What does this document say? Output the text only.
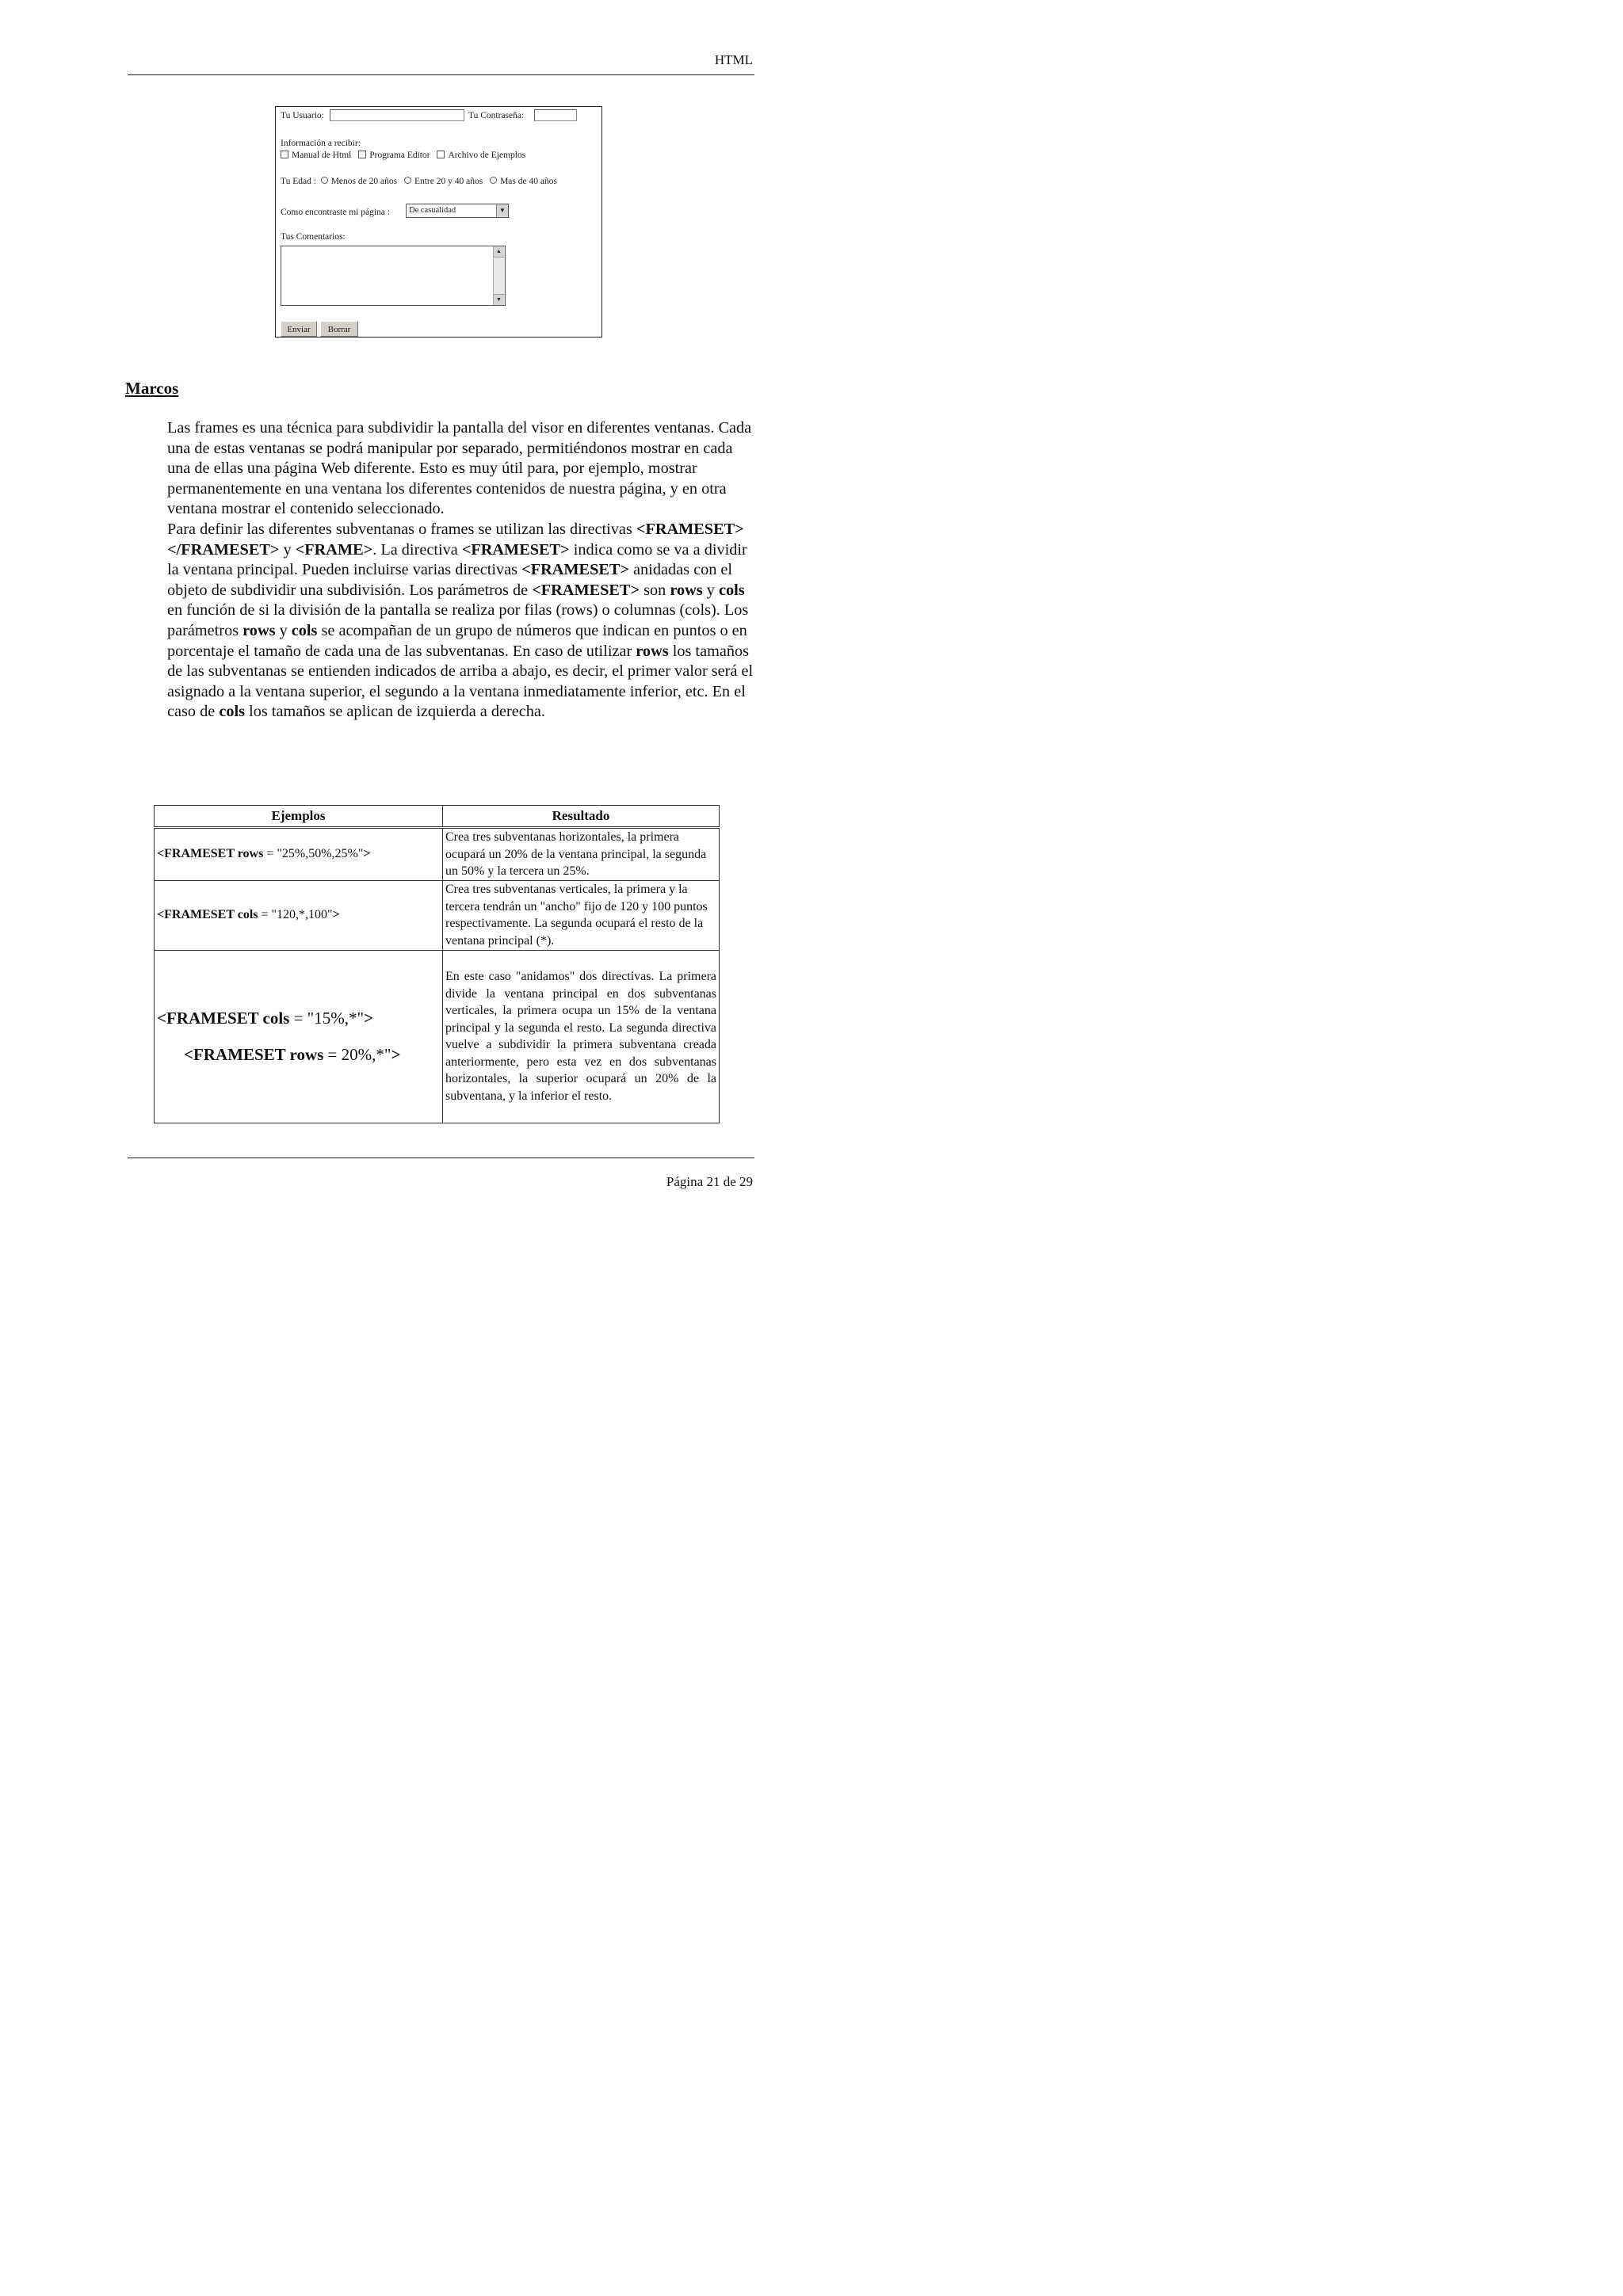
HTML
Tu Usuario:	Tu Contraseña:
Información a recibir:
Manual de Html Programa Editor Archivo de Ejemplos
Tu Edad : Menos de 20 años Entre 20 y 40 años Mas de 40 años
Como encontraste mi página :	De casualidad	▼
Tus Comentarios:
▲
▼
Enviar	Borrar
Marcos

Las frames es una técnica para subdividir la pantalla del visor en diferentes ventanas. Cada una de estas ventanas se podrá manipular por separado, permitiéndonos mostrar en cada una de ellas una página Web diferente. Esto es muy útil para, por ejemplo, mostrar permanentemente en una ventana los diferentes contenidos de nuestra página, y en otra ventana mostrar el contenido seleccionado.

Para definir las diferentes subventanas o frames se utilizan las directivas <FRAMESET> </FRAMESET> y <FRAME>. La directiva <FRAMESET> indica como se va a dividir la ventana principal. Pueden incluirse varias directivas <FRAMESET> anidadas con el objeto de subdividir una subdivisión. Los parámetros de <FRAMESET> son rows y cols en función de si la división de la pantalla se realiza por filas (rows) o columnas (cols). Los parámetros rows y cols se acompañan de un grupo de números que indican en puntos o en porcentaje el tamaño de cada una de las subventanas. En caso de utilizar rows los tamaños de las subventanas se entienden indicados de arriba a abajo, es decir, el primer valor será el asignado a la ventana superior, el segundo a la ventana inmediatamente inferior, etc. En el caso de cols los tamaños se aplican de izquierda a derecha.

Ejemplos	Resultado
<FRAMESET rows = "25%,50%,25%">	Crea tres subventanas horizontales, la primera ocupará un 20% de la ventana principal, la segunda un 50% y la tercera un 25%.
<FRAMESET cols = "120,*,100">	Crea tres subventanas verticales, la primera y la tercera tendrán un "ancho" fijo de 120 y 100 puntos respectivamente. La segunda ocupará el resto de la ventana principal (*).

<FRAMESET cols = "15%,*">
<FRAMESET rows = 20%,*">	En este caso "anidamos" dos directivas. La primera divide la ventana principal en dos subventanas verticales, la primera ocupa un 15% de la ventana principal y la segunda el resto. La segunda directiva vuelve a subdividir la primera subventana creada anteriormente, pero esta vez en dos subventanas horizontales, la superior ocupará un 20% de la subventana, y la inferior el resto.
Página 21 de 29
